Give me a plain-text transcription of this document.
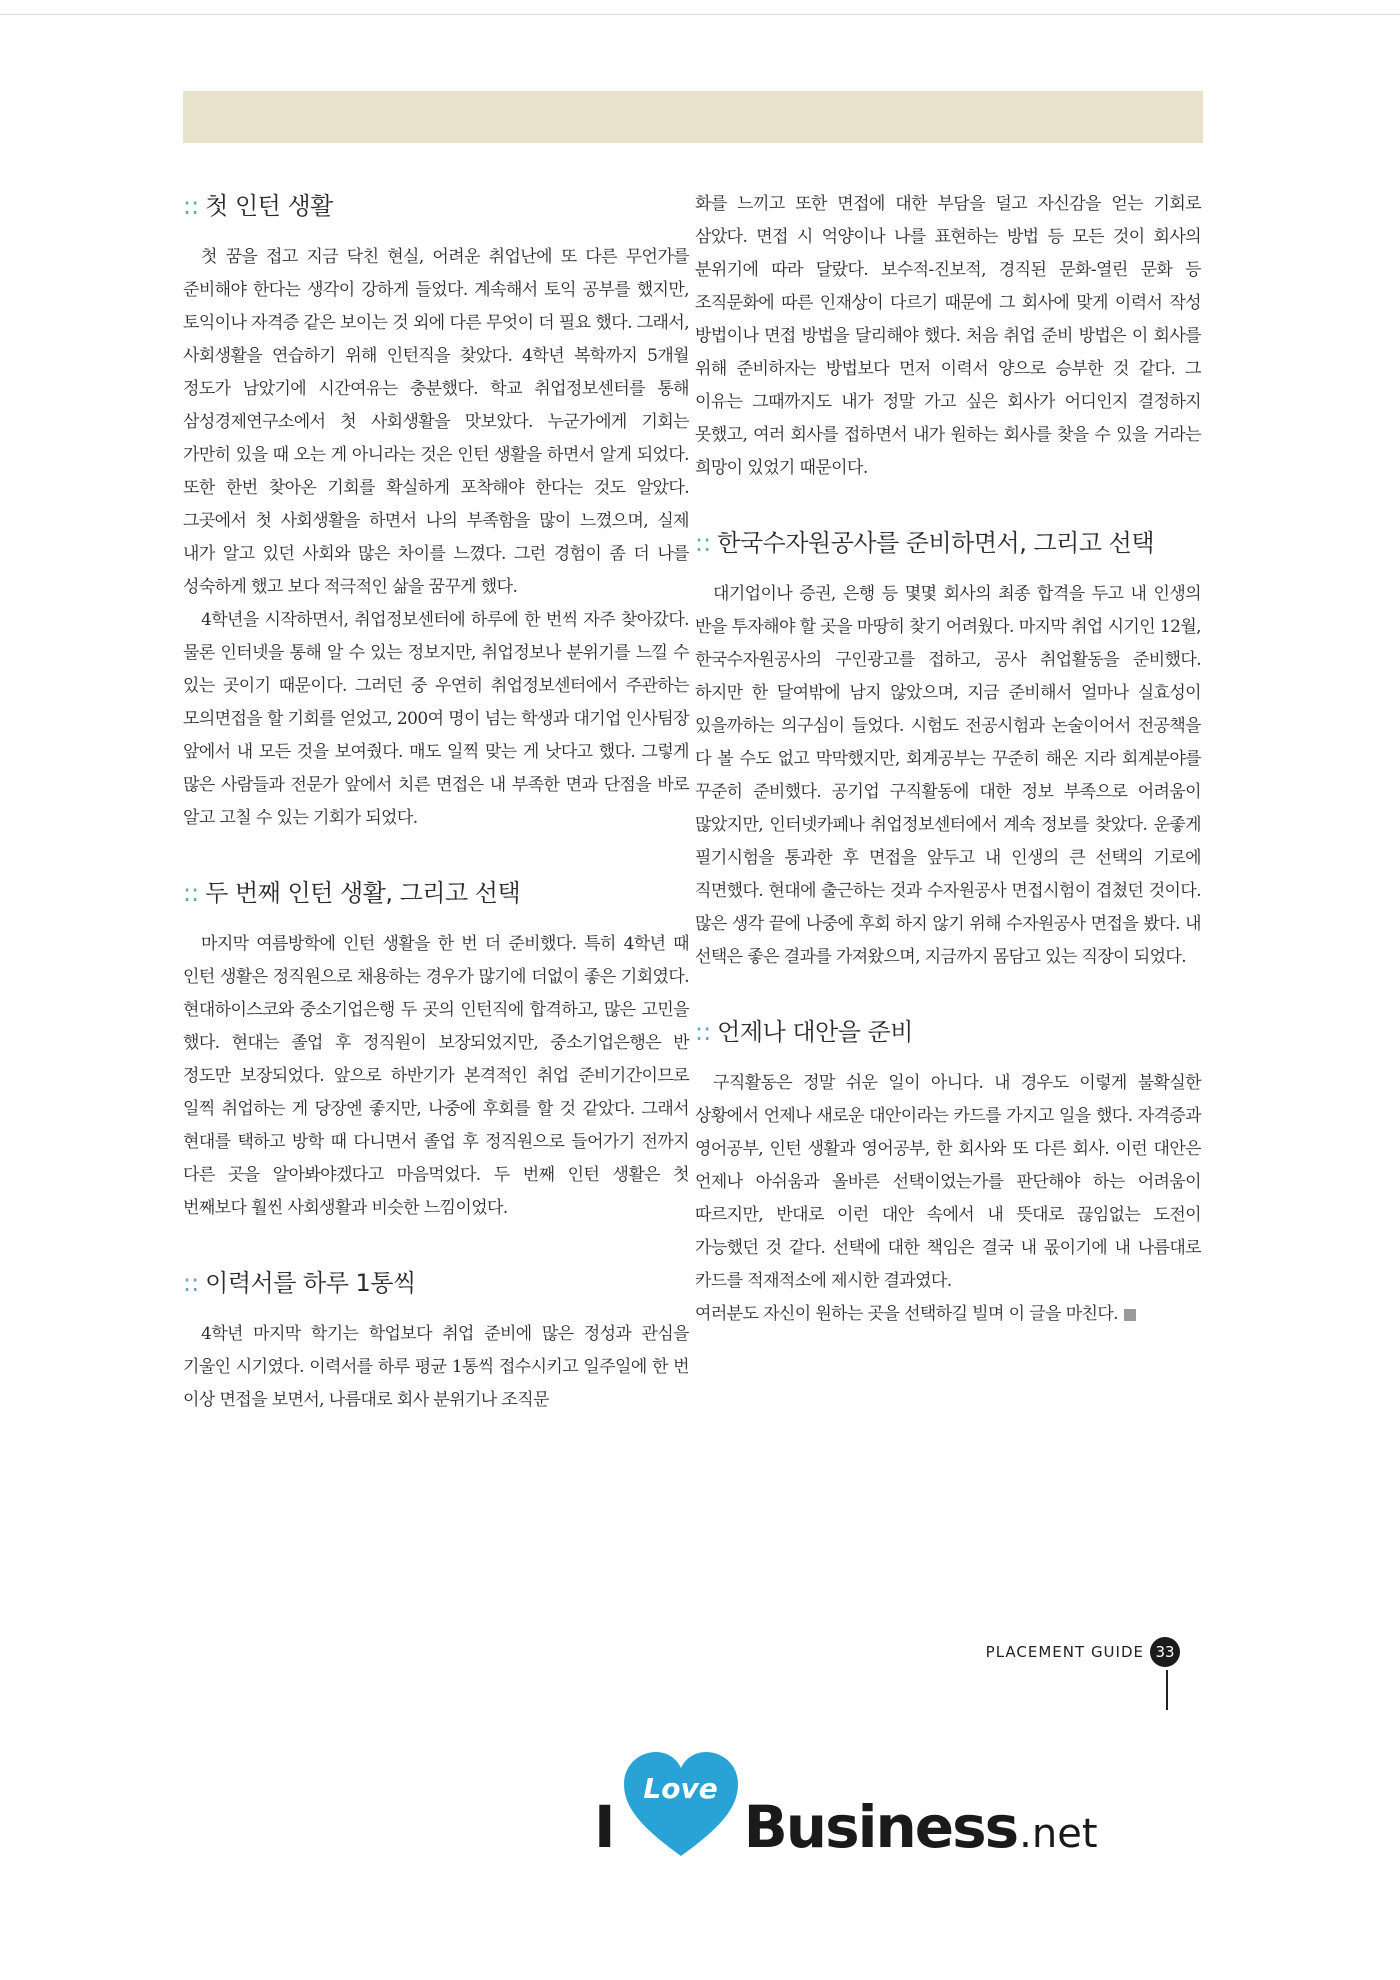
:: 첫 인턴 생활

첫 꿈을 접고 지금 닥친 현실, 어려운 취업난에 또 다른 무언가를 준비해야 한다는 생각이 강하게 들었다. 계속해서 토익 공부를 했지만, 토익이나 자격증 같은 보이는 것 외에 다른 무엇이 더 필요 했다. 그래서, 사회생활을 연습하기 위해 인턴직을 찾았다. 4학년 복학까지 5개월 정도가 남았기에 시간여유는 충분했다. 학교 취업정보센터를 통해 삼성경제연구소에서 첫 사회생활을 맛보았다. 누군가에게 기회는 가만히 있을 때 오는 게 아니라는 것은 인턴 생활을 하면서 알게 되었다. 또한 한번 찾아온 기회를 확실하게 포착해야 한다는 것도 알았다. 그곳에서 첫 사회생활을 하면서 나의 부족함을 많이 느꼈으며, 실제 내가 알고 있던 사회와 많은 차이를 느꼈다. 그런 경험이 좀 더 나를 성숙하게 했고 보다 적극적인 삶을 꿈꾸게 했다.

4학년을 시작하면서, 취업정보센터에 하루에 한 번씩 자주 찾아갔다. 물론 인터넷을 통해 알 수 있는 정보지만, 취업정보나 분위기를 느낄 수 있는 곳이기 때문이다. 그러던 중 우연히 취업정보센터에서 주관하는 모의면접을 할 기회를 얻었고, 200여 명이 넘는 학생과 대기업 인사팀장 앞에서 내 모든 것을 보여줬다. 매도 일찍 맞는 게 낫다고 했다. 그렇게 많은 사람들과 전문가 앞에서 치른 면접은 내 부족한 면과 단점을 바로 알고 고칠 수 있는 기회가 되었다.

:: 두 번째 인턴 생활, 그리고 선택

마지막 여름방학에 인턴 생활을 한 번 더 준비했다. 특히 4학년 때 인턴 생활은 정직원으로 채용하는 경우가 많기에 더없이 좋은 기회였다. 현대하이스코와 중소기업은행 두 곳의 인턴직에 합격하고, 많은 고민을 했다. 현대는 졸업 후 정직원이 보장되었지만, 중소기업은행은 반 정도만 보장되었다. 앞으로 하반기가 본격적인 취업 준비기간이므로 일찍 취업하는 게 당장엔 좋지만, 나중에 후회를 할 것 같았다. 그래서 현대를 택하고 방학 때 다니면서 졸업 후 정직원으로 들어가기 전까지 다른 곳을 알아봐야겠다고 마음먹었다. 두 번째 인턴 생활은 첫 번째보다 훨씬 사회생활과 비슷한 느낌이었다.

:: 이력서를 하루 1통씩

4학년 마지막 학기는 학업보다 취업 준비에 많은 정성과 관심을 기울인 시기였다. 이력서를 하루 평균 1통씩 접수시키고 일주일에 한 번 이상 면접을 보면서, 나름대로 회사 분위기나 조직문

화를 느끼고 또한 면접에 대한 부담을 덜고 자신감을 얻는 기회로 삼았다. 면접 시 억양이나 나를 표현하는 방법 등 모든 것이 회사의 분위기에 따라 달랐다. 보수적-진보적, 경직된 문화-열린 문화 등 조직문화에 따른 인재상이 다르기 때문에 그 회사에 맞게 이력서 작성 방법이나 면접 방법을 달리해야 했다. 처음 취업 준비 방법은 이 회사를 위해 준비하자는 방법보다 먼저 이력서 양으로 승부한 것 같다. 그 이유는 그때까지도 내가 정말 가고 싶은 회사가 어디인지 결정하지 못했고, 여러 회사를 접하면서 내가 원하는 회사를 찾을 수 있을 거라는 희망이 있었기 때문이다.

:: 한국수자원공사를 준비하면서, 그리고 선택

대기업이나 증권, 은행 등 몇몇 회사의 최종 합격을 두고 내 인생의 반을 투자해야 할 곳을 마땅히 찾기 어려웠다. 마지막 취업 시기인 12월, 한국수자원공사의 구인광고를 접하고, 공사 취업활동을 준비했다. 하지만 한 달여밖에 남지 않았으며, 지금 준비해서 얼마나 실효성이 있을까하는 의구심이 들었다. 시험도 전공시험과 논술이어서 전공책을 다 볼 수도 없고 막막했지만, 회계공부는 꾸준히 해온 지라 회계분야를 꾸준히 준비했다. 공기업 구직활동에 대한 정보 부족으로 어려움이 많았지만, 인터넷카페나 취업정보센터에서 계속 정보를 찾았다. 운좋게 필기시험을 통과한 후 면접을 앞두고 내 인생의 큰 선택의 기로에 직면했다. 현대에 출근하는 것과 수자원공사 면접시험이 겹쳤던 것이다. 많은 생각 끝에 나중에 후회 하지 않기 위해 수자원공사 면접을 봤다. 내 선택은 좋은 결과를 가져왔으며, 지금까지 몸담고 있는 직장이 되었다.

:: 언제나 대안을 준비

구직활동은 정말 쉬운 일이 아니다. 내 경우도 이렇게 불확실한 상황에서 언제나 새로운 대안이라는 카드를 가지고 일을 했다. 자격증과 영어공부, 인턴 생활과 영어공부, 한 회사와 또 다른 회사. 이런 대안은 언제나 아쉬움과 올바른 선택이었는가를 판단해야 하는 어려움이 따르지만, 반대로 이런 대안 속에서 내 뜻대로 끊임없는 도전이 가능했던 것 같다. 선택에 대한 책임은 결국 내 몫이기에 내 나름대로 카드를 적재적소에 제시한 결과였다.

여러분도 자신이 원하는 곳을 선택하길 빌며 이 글을 마친다.

PLACEMENT GUIDE 33
I
Love
Business .net
